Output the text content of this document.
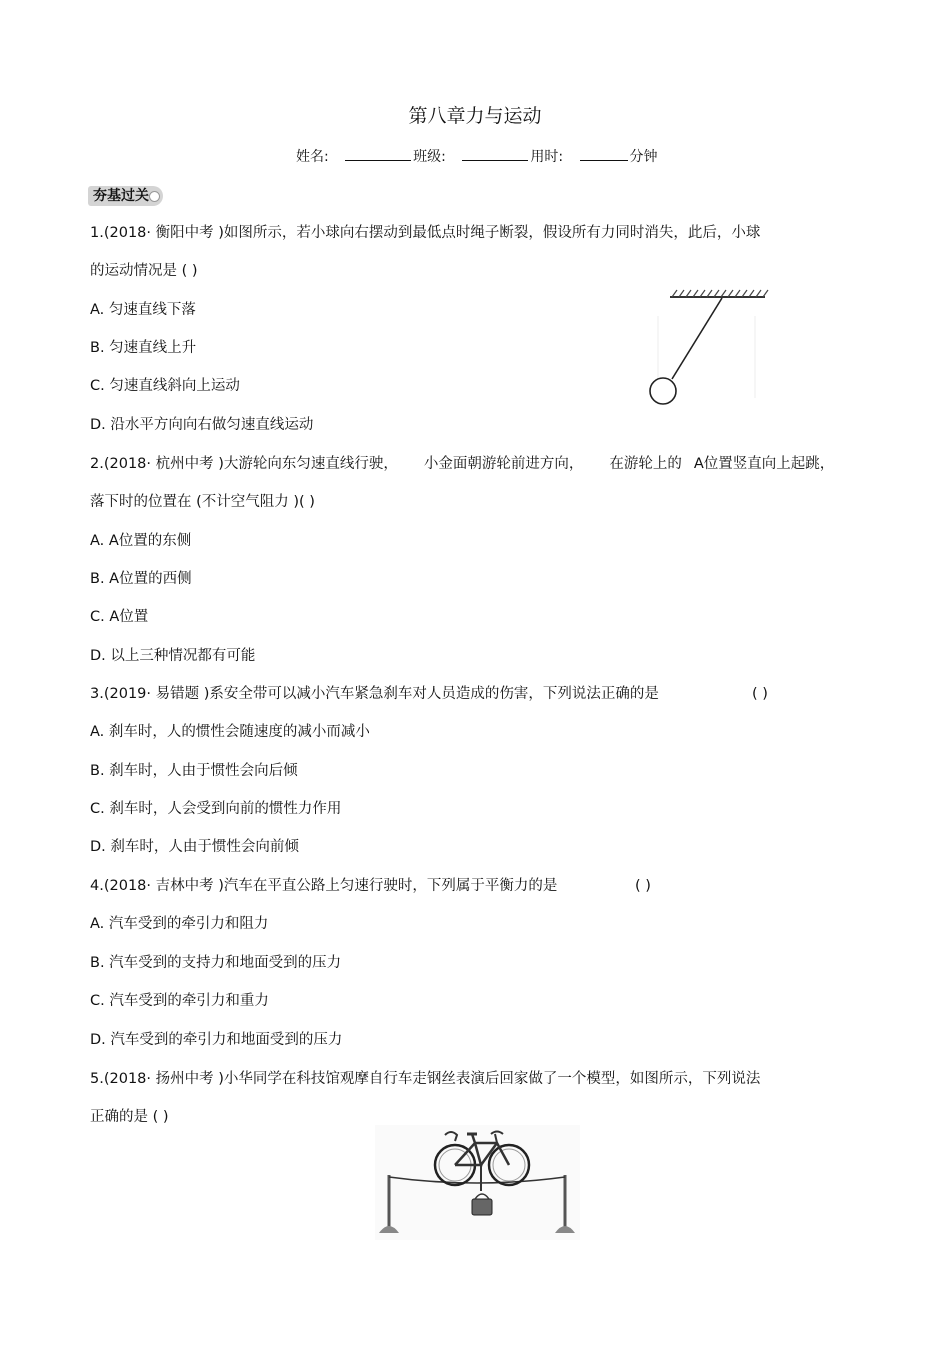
第八章力与运动
姓名:	班级:	用时:	分钟
夯基过关
1.(2018· 衡阳中考 )如图所示，若小球向右摆动到最低点时绳子断裂，假设所有力同时消失，此后，小球
的运动情况是 ( )
A. 匀速直线下落
B. 匀速直线上升
C. 匀速直线斜向上运动
D. 沿水平方向向右做匀速直线运动
2.(2018· 杭州中考 )大游轮向东匀速直线行驶， 小金面朝游轮前进方向， 在游轮上的 A位置竖直向上起跳，
落下时的位置在 (不计空气阻力 )( )
A. A位置的东侧
B. A位置的西侧
C. A位置
D. 以上三种情况都有可能
3.(2019· 易错题 )系安全带可以减小汽车紧急刹车对人员造成的伤害，下列说法正确的是	( )
A. 刹车时，人的惯性会随速度的减小而减小
B. 刹车时，人由于惯性会向后倾
C. 刹车时，人会受到向前的惯性力作用
D. 刹车时，人由于惯性会向前倾
4.(2018· 吉林中考 )汽车在平直公路上匀速行驶时，下列属于平衡力的是	( )
A. 汽车受到的牵引力和阻力
B. 汽车受到的支持力和地面受到的压力
C. 汽车受到的牵引力和重力
D. 汽车受到的牵引力和地面受到的压力
5.(2018· 扬州中考 )小华同学在科技馆观摩自行车走钢丝表演后回家做了一个模型，如图所示，下列说法
正确的是 ( )
